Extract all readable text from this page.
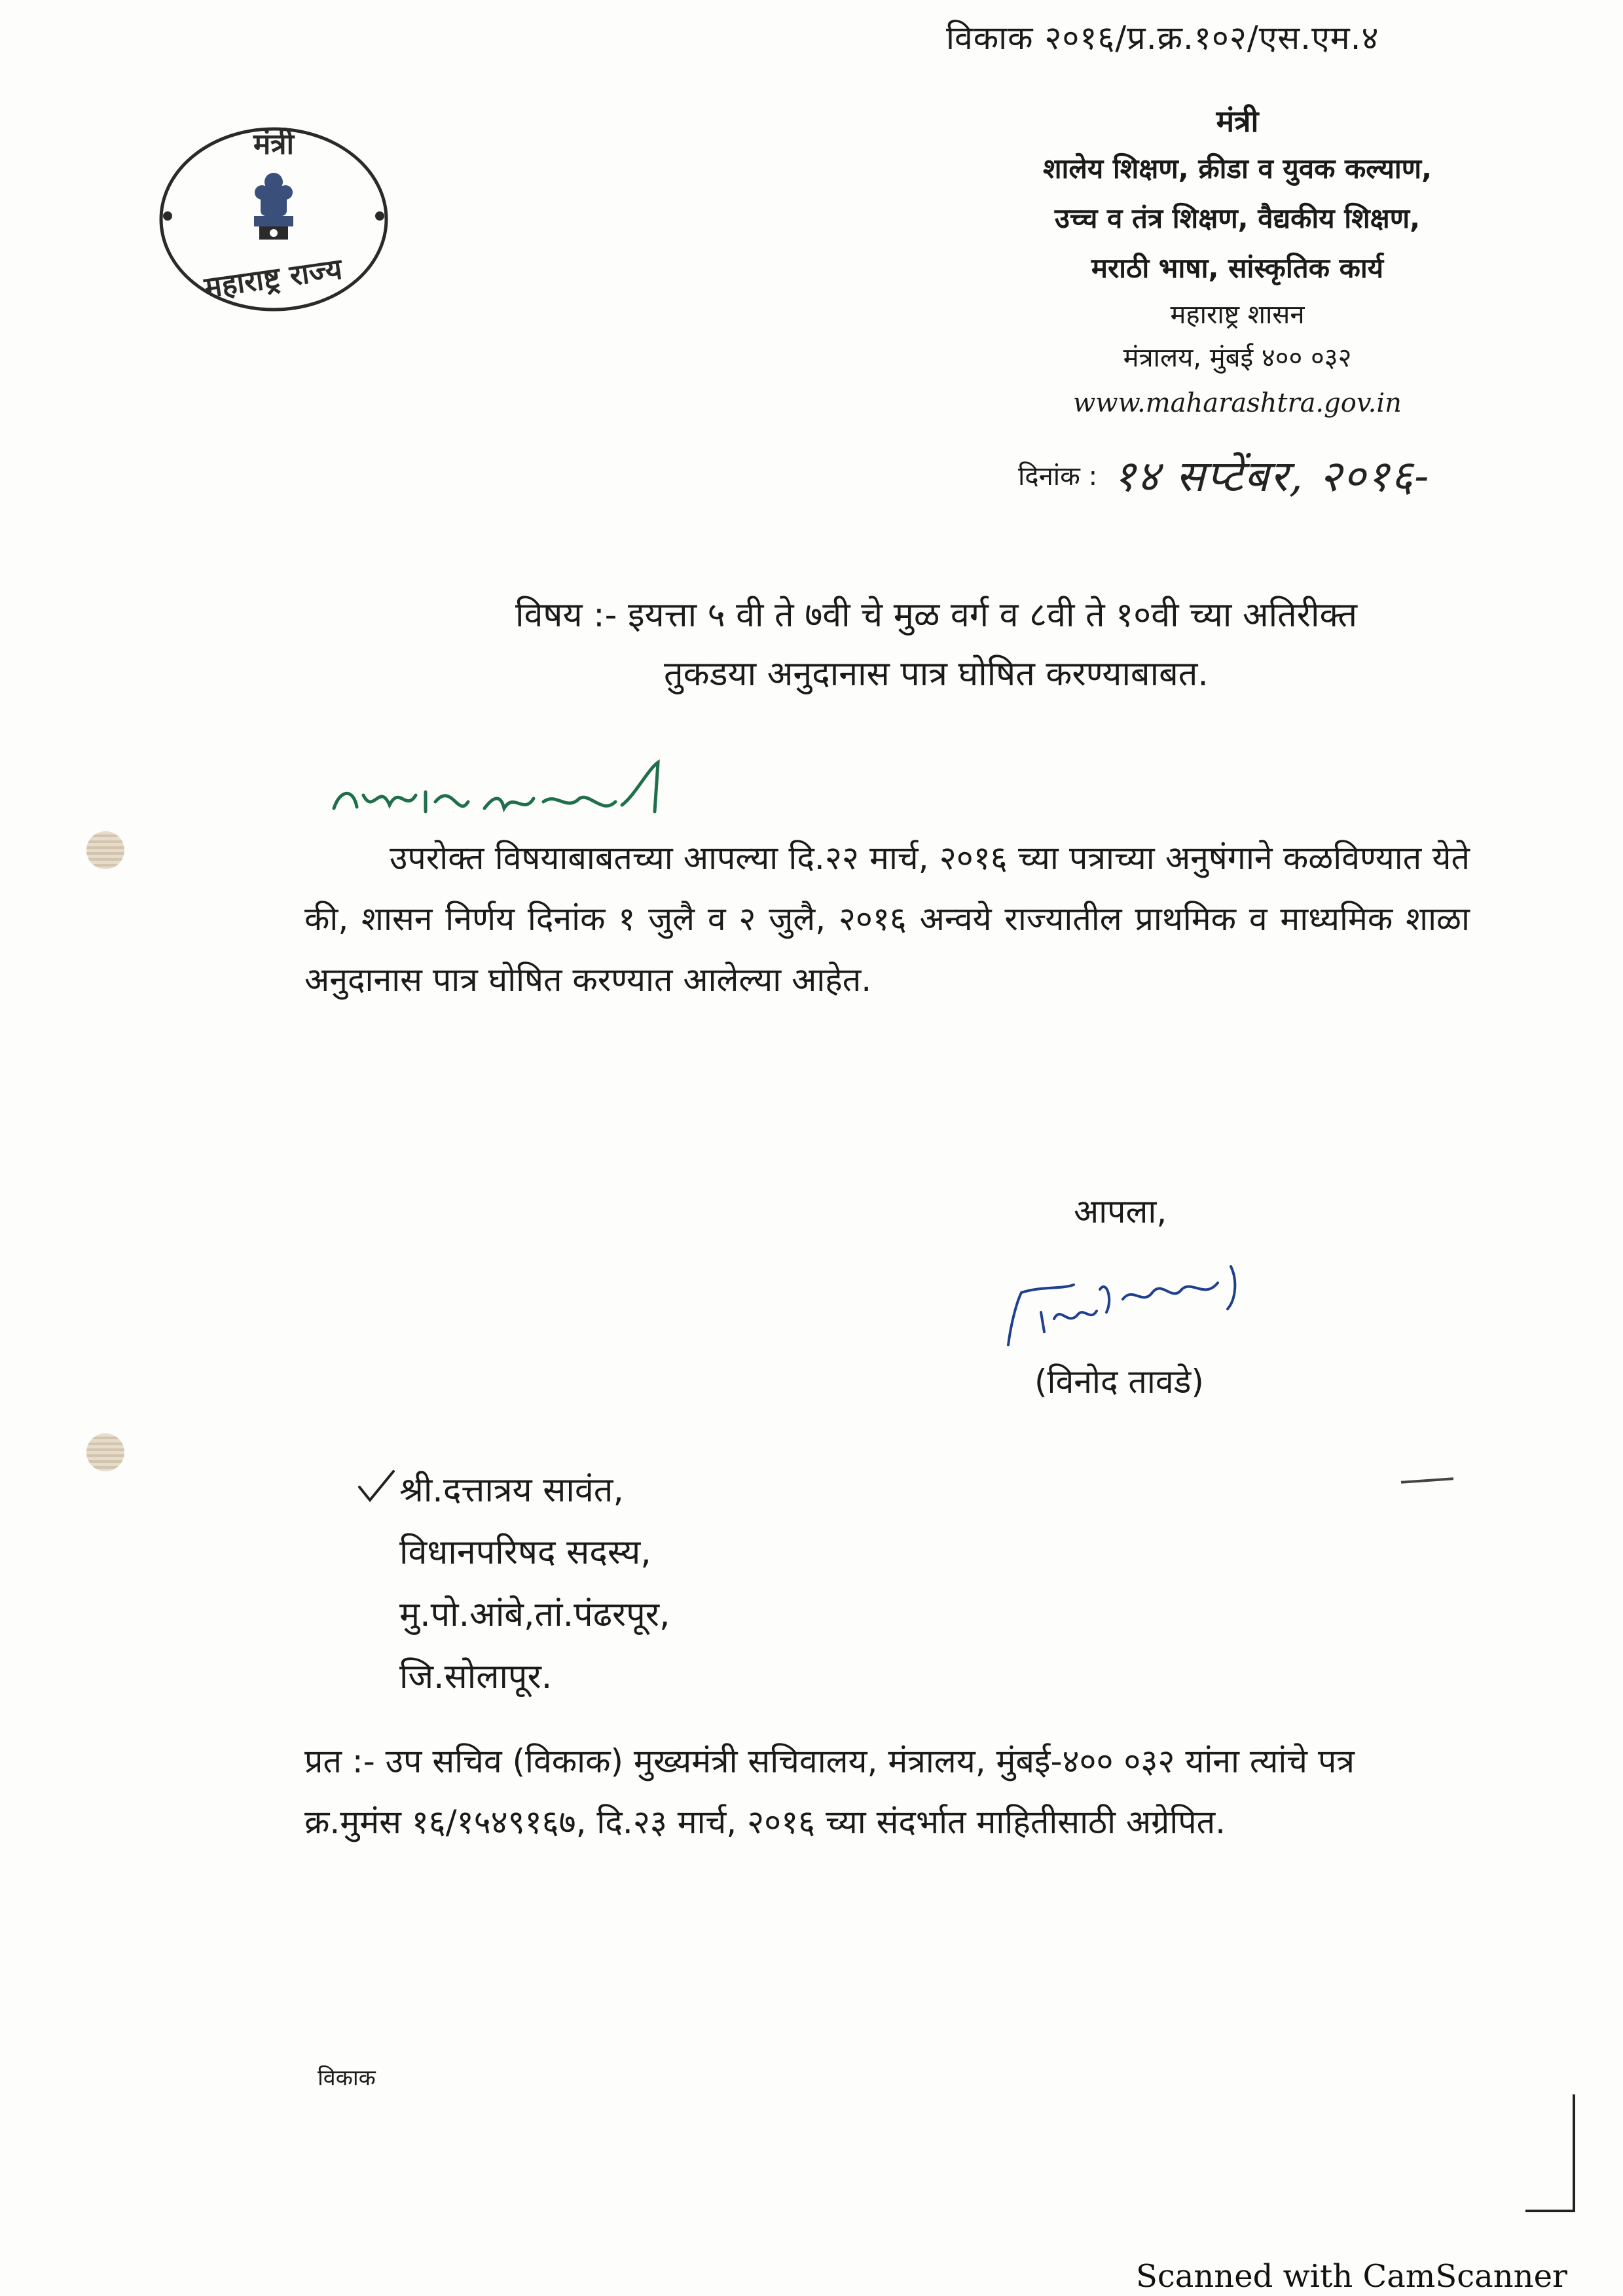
विकाक २०१६/प्र.क्र.१०२/एस.एम.४
मंत्री
महाराष्ट्र राज्य
मंत्री
शालेय शिक्षण, क्रीडा व युवक कल्याण,
उच्च व तंत्र शिक्षण, वैद्यकीय शिक्षण,
मराठी भाषा, सांस्कृतिक कार्य
महाराष्ट्र शासन
मंत्रालय, मुंबई ४०० ०३२
www.maharashtra.gov.in
दिनांक : १४ सप्टेंबर, २०१६-
विषय :- इयत्ता ५ वी ते ७वी चे मुळ वर्ग व ८वी ते १०वी च्या अतिरीक्त
तुकडया अनुदानास पात्र घोषित करण्याबाबत.
उपरोक्त विषयाबाबतच्या आपल्या दि.२२ मार्च, २०१६ च्या पत्राच्या अनुषंगाने कळविण्यात येते की, शासन निर्णय दिनांक १ जुलै व २ जुलै, २०१६ अन्वये राज्यातील प्राथमिक व माध्यमिक शाळा अनुदानास पात्र घोषित करण्यात आलेल्या आहेत.
आपला,
(विनोद तावडे)
श्री.दत्तात्रय सावंत,
विधानपरिषद सदस्य,
मु.पो.आंबे,तां.पंढरपूर,
जि.सोलापूर.
प्रत :- उप सचिव (विकाक) मुख्यमंत्री सचिवालय, मंत्रालय, मुंबई-४०० ०३२ यांना त्यांचे पत्र क्र.मुमंस १६/१५४९१६७, दि.२३ मार्च, २०१६ च्या संदर्भात माहितीसाठी अग्रेपित.
विकाक
Scanned with CamScanner
